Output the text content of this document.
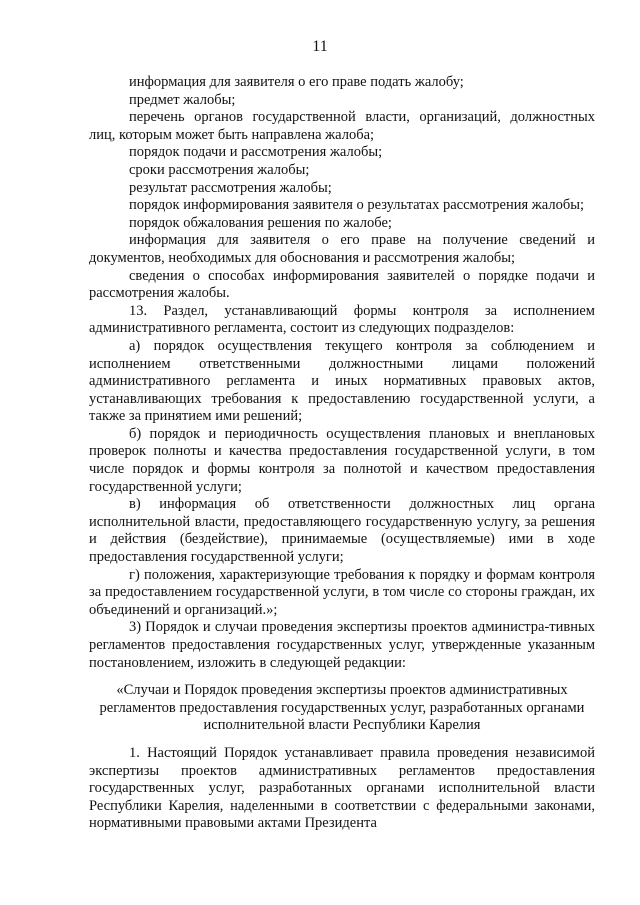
11

информация для заявителя о его праве подать жалобу;

предмет жалобы;

перечень органов государственной власти, организаций, должностных лиц, которым может быть направлена жалоба;

порядок подачи и рассмотрения жалобы;

сроки рассмотрения жалобы;

результат рассмотрения жалобы;

порядок информирования заявителя о результатах рассмотрения жалобы;

порядок обжалования решения по жалобе;

информация для заявителя о его праве на получение сведений и документов, необходимых для обоснования и рассмотрения жалобы;

сведения о способах информирования заявителей о порядке подачи и рассмотрения жалобы.

13. Раздел, устанавливающий формы контроля за исполнением административного регламента, состоит из следующих подразделов:

а) порядок осуществления текущего контроля за соблюдением и исполнением ответственными должностными лицами положений административного регламента и иных нормативных правовых актов, устанавливающих требования к предоставлению государственной услуги, а также за принятием ими решений;

б) порядок и периодичность осуществления плановых и внеплановых проверок полноты и качества предоставления государственной услуги, в том числе порядок и формы контроля за полнотой и качеством предоставления государственной услуги;

в) информация об ответственности должностных лиц органа исполнительной власти, предоставляющего государственную услугу, за решения и действия (бездействие), принимаемые (осуществляемые) ими в ходе предоставления государственной услуги;

г) положения, характеризующие требования к порядку и формам контроля за предоставлением государственной услуги, в том числе со стороны граждан, их объединений и организаций.»;

3) Порядок и случаи проведения экспертизы проектов администра-тивных регламентов предоставления государственных услуг, утвержденные указанным постановлением, изложить в следующей редакции:

«Случаи и Порядок проведения экспертизы проектов административных регламентов предоставления государственных услуг, разработанных органами исполнительной власти Республики Карелия

1. Настоящий Порядок устанавливает правила проведения независимой экспертизы проектов административных регламентов предоставления государственных услуг, разработанных органами исполнительной власти Республики Карелия, наделенными в соответствии с федеральными законами, нормативными правовыми актами Президента
